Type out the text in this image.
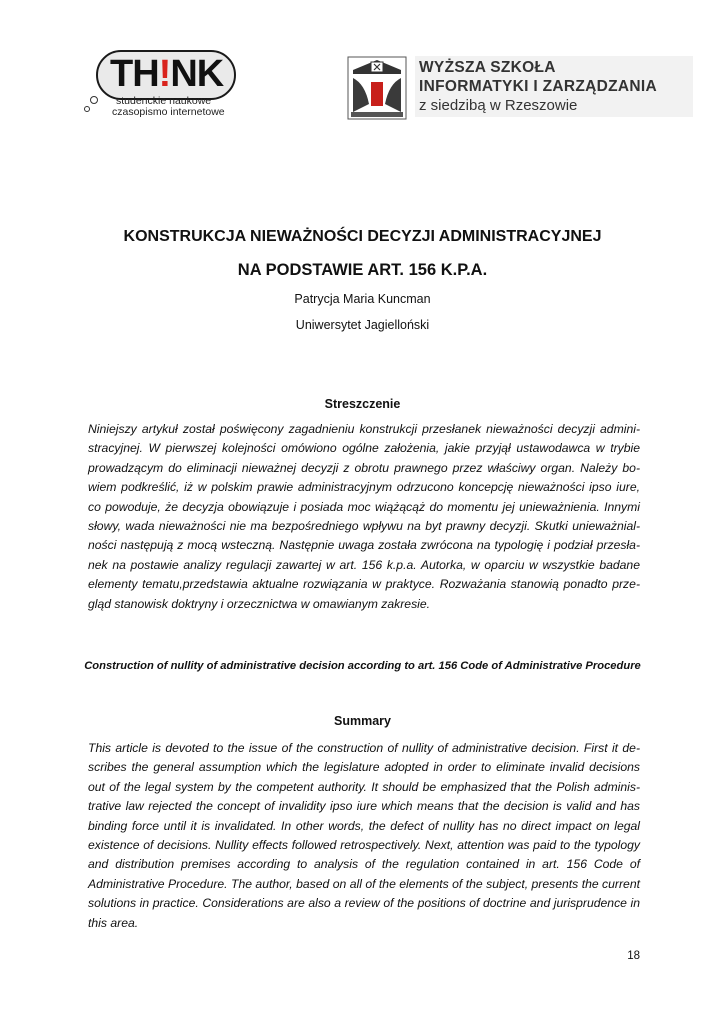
TH!NK
studenckie naukowe
czasopismo internetowe
WYŻSZA SZKOŁA
INFORMATYKI I ZARZĄDZANIA
z siedzibą w Rzeszowie
KONSTRUKCJA NIEWAŻNOŚCI DECYZJI ADMINISTRACYJNEJ
NA PODSTAWIE ART. 156 K.P.A.
Patrycja Maria Kuncman
Uniwersytet Jagielloński
Streszczenie
Niniejszy artykuł został poświęcony zagadnieniu konstrukcji przesłanek nieważności decyzji administracyjnej. W pierwszej kolejności omówiono ogólne założenia, jakie przyjął ustawodawca w trybie prowadzącym do eliminacji nieważnej decyzji z obrotu prawnego przez właściwy organ. Należy bowiem podkreślić, iż w polskim prawie administracyjnym odrzucono koncepcję nieważności ipso iure, co powoduje, że decyzja obowiązuje i posiada moc wiążącąż do momentu jej unieważnienia. Innymi słowy, wada nieważności nie ma bezpośredniego wpływu na byt prawny decyzji. Skutki unieważnialności następują z mocą wsteczną. Następnie uwaga została zwrócona na typologię i podział przesłanek na postawie analizy regulacji zawartej w art. 156 k.p.a. Autorka, w oparciu w wszystkie badane elementy tematu,przedstawia aktualne rozwiązania w praktyce. Rozważania stanowią ponadto przegląd stanowisk doktryny i orzecznictwa w omawianym zakresie.
Construction of nullity of administrative decision according to art. 156 Code of Administrative Procedure
Summary
This article is devoted to the issue of the construction of nullity of administrative decision. First it describes the general assumption which the legislature adopted in order to eliminate invalid decisions out of the legal system by the competent authority. It should be emphasized that the Polish administrative law rejected the concept of invalidity ipso iure which means that the decision is valid and has binding force until it is invalidated. In other words, the defect of nullity has no direct impact on legal existence of decisions. Nullity effects followed retrospectively. Next, attention was paid to the typology and distribution premises according to analysis of the regulation contained in art. 156 Code of Administrative Procedure. The author, based on all of the elements of the subject, presents the current solutions in practice. Considerations are also a review of the positions of doctrine and jurisprudence in this area.
18
